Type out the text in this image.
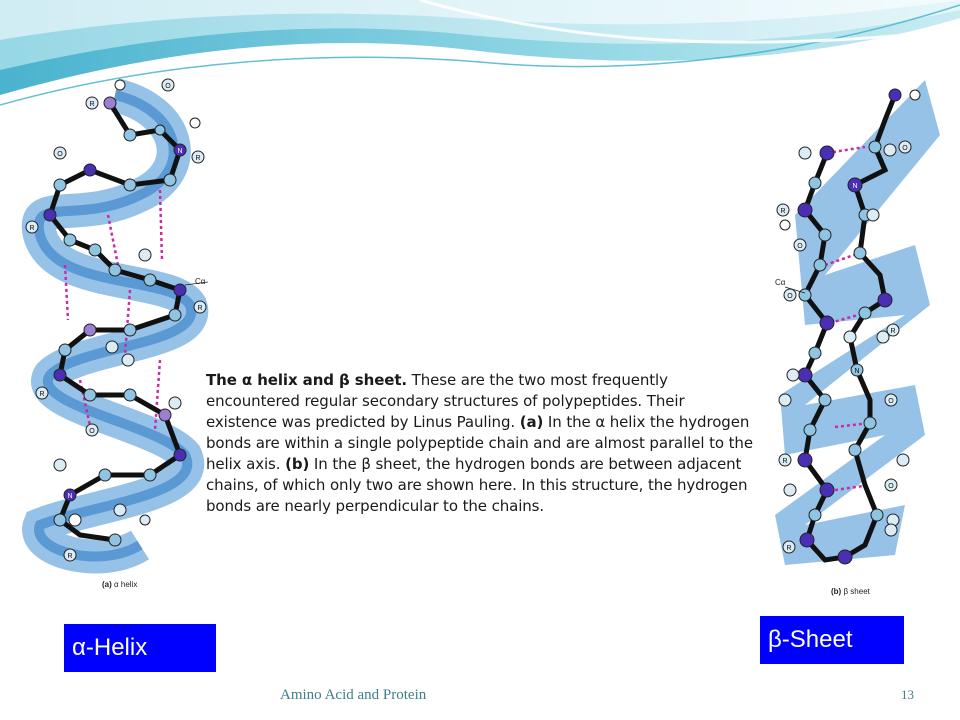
R
O
R
N
O
R
R
R
N
R
O
Cα
(a) α helix
R
O
O
O
R
O
R
O
R
N
N
Cα
(b) β sheet

The α helix and β sheet. These are the two most frequently encountered regular secondary structures of polypeptides. Their existence was predicted by Linus Pauling. (a) In the α helix the hydrogen bonds are within a single polypeptide chain and are almost parallel to the helix axis. (b) In the β sheet, the hydrogen bonds are between adjacent chains, of which only two are shown here. In this structure, the hydrogen bonds are nearly perpendicular to the chains.

α-Helix	β-Sheet
Amino Acid and Protein	13
